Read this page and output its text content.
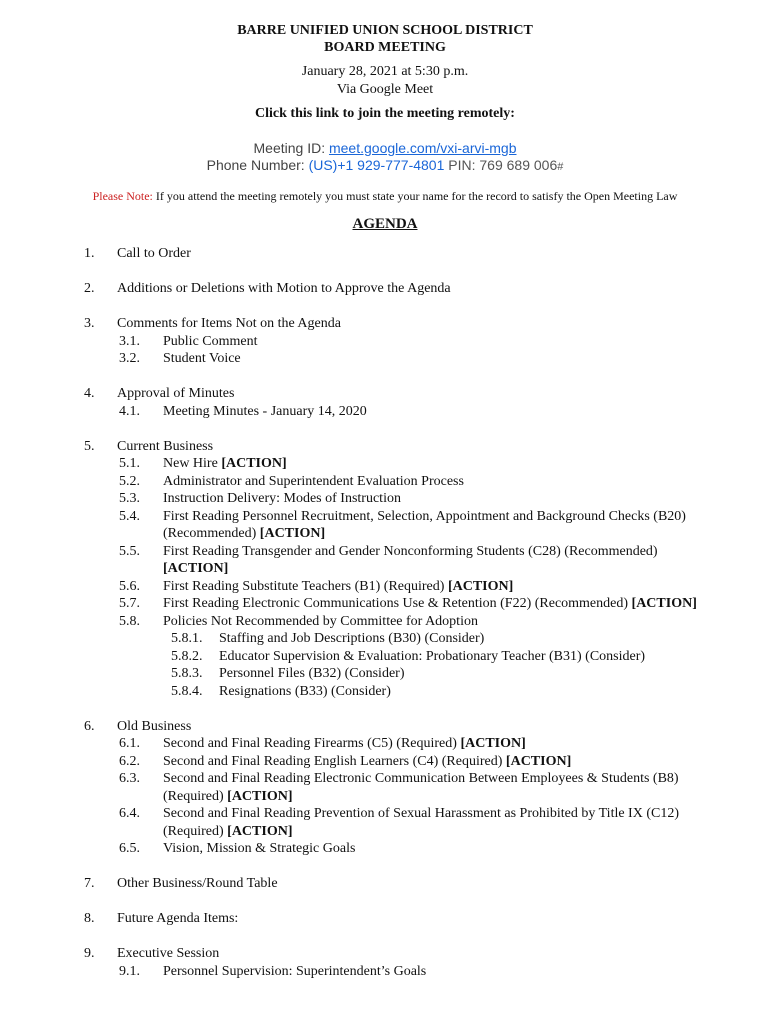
BARRE UNIFIED UNION SCHOOL DISTRICT
BOARD MEETING
January 28, 2021 at 5:30 p.m.
Via Google Meet
Click this link to join the meeting remotely:
Meeting ID: meet.google.com/vxi-arvi-mgb
Phone Number: (US)+1 929-777-4801 PIN: 769 689 006#
Please Note: If you attend the meeting remotely you must state your name for the record to satisfy the Open Meeting Law
AGENDA
1. Call to Order
2. Additions or Deletions with Motion to Approve the Agenda
3. Comments for Items Not on the Agenda
3.1. Public Comment
3.2. Student Voice
4. Approval of Minutes
4.1. Meeting Minutes - January 14, 2020
5. Current Business
5.1. New Hire [ACTION]
5.2. Administrator and Superintendent Evaluation Process
5.3. Instruction Delivery: Modes of Instruction
5.4. First Reading Personnel Recruitment, Selection, Appointment and Background Checks (B20) (Recommended) [ACTION]
5.5. First Reading Transgender and Gender Nonconforming Students (C28) (Recommended) [ACTION]
5.6. First Reading Substitute Teachers (B1) (Required) [ACTION]
5.7. First Reading Electronic Communications Use & Retention (F22) (Recommended) [ACTION]
5.8. Policies Not Recommended by Committee for Adoption
5.8.1. Staffing and Job Descriptions (B30) (Consider)
5.8.2. Educator Supervision & Evaluation: Probationary Teacher (B31) (Consider)
5.8.3. Personnel Files (B32) (Consider)
5.8.4. Resignations (B33) (Consider)
6. Old Business
6.1. Second and Final Reading Firearms (C5) (Required) [ACTION]
6.2. Second and Final Reading English Learners (C4) (Required) [ACTION]
6.3. Second and Final Reading Electronic Communication Between Employees & Students (B8) (Required) [ACTION]
6.4. Second and Final Reading Prevention of Sexual Harassment as Prohibited by Title IX (C12) (Required) [ACTION]
6.5. Vision, Mission & Strategic Goals
7. Other Business/Round Table
8. Future Agenda Items:
9. Executive Session
9.1. Personnel Supervision: Superintendent’s Goals
